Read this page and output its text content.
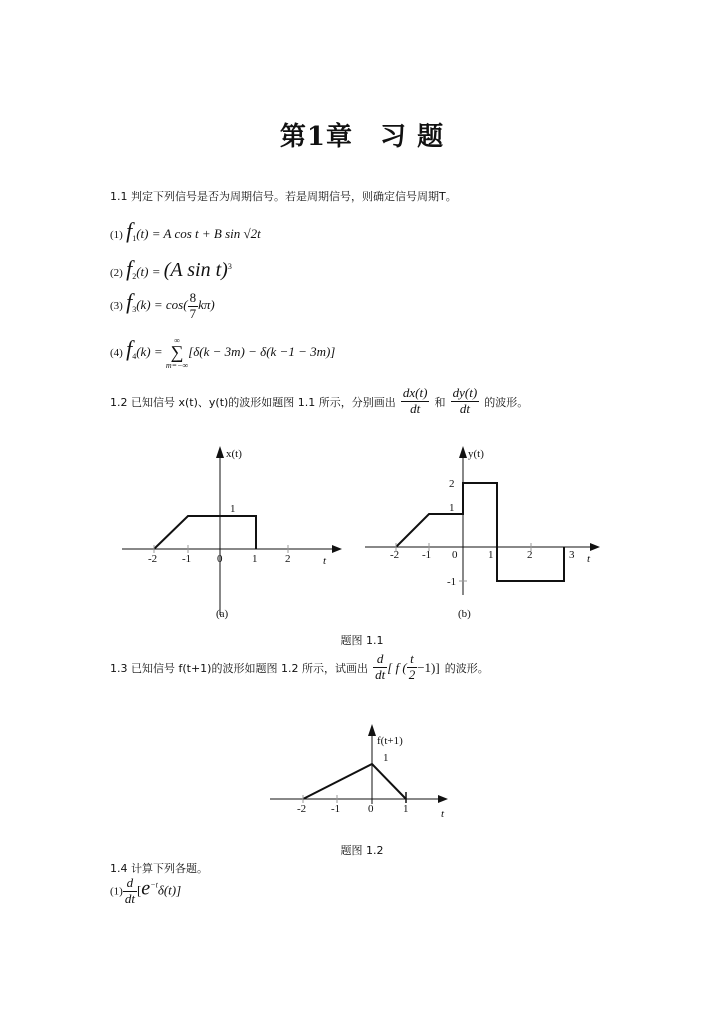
第1章　习 题
1.1 判定下列信号是否为周期信号。若是周期信号，则确定信号周期T。
(1) $f_1(t) = A$ cos t + B sin √2t
(2) $f_2(t) = (A$ sin t)$^3$
(3) $f_3(k) = \cos( \frac{8}{7} k\pi)$
(4) $f_4(k)$ =
∞
∑
m=−∞
[δ(k − 3m) − δ(k −1 − 3m)]
1.2 已知信号 x(t)、y(t)的波形如题图 1.1 所示，分别画出 $\frac{dx(t)}{dt}$ 和 $\frac{dy(t)}{dt}$ 的波形。
x(t)
t
1
-2 -1 0	1	2
(a)
y(t)
t
2
1
-1
-2 -1 0	1	2	3
(b)
题图 1.1
1.3 已知信号 f(t+1)的波形如题图 1.2 所示，试画出 $\frac{d}{dt}$ [ f ( $\frac{t}{2} -1$)] 的波形。
f(t+1)
t
1
-2 -1	0	1
题图 1.2
1.4 计算下列各题。
$(1) \frac{d}{dt} [e^{-t}\delta(t)]$
